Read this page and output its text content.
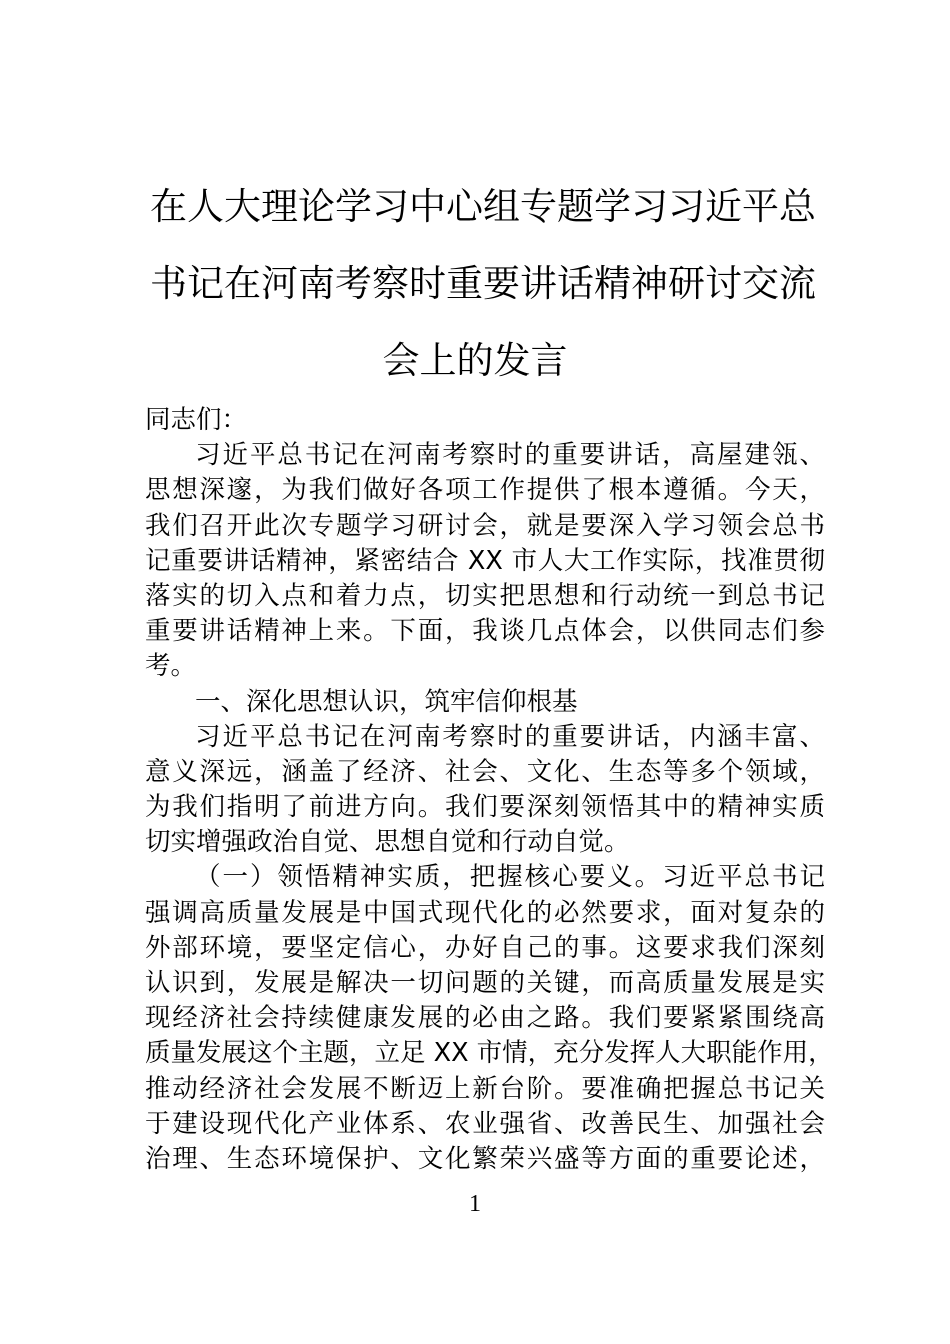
在人大理论学习中心组专题学习习近平总
书记在河南考察时重要讲话精神研讨交流
会上的发言
同志们：
习近平总书记在河南考察时的重要讲话，高屋建瓴、
思想深邃，为我们做好各项工作提供了根本遵循。今天，
我们召开此次专题学习研讨会，就是要深入学习领会总书
记重要讲话精神，紧密结合 XX 市人大工作实际，找准贯彻
落实的切入点和着力点，切实把思想和行动统一到总书记
重要讲话精神上来。下面，我谈几点体会，以供同志们参
考。
一、深化思想认识，筑牢信仰根基
习近平总书记在河南考察时的重要讲话，内涵丰富、
意义深远，涵盖了经济、社会、文化、生态等多个领域，
为我们指明了前进方向。我们要深刻领悟其中的精神实质
切实增强政治自觉、思想自觉和行动自觉。
（一）领悟精神实质，把握核心要义。习近平总书记
强调高质量发展是中国式现代化的必然要求，面对复杂的
外部环境，要坚定信心，办好自己的事。这要求我们深刻
认识到，发展是解决一切问题的关键，而高质量发展是实
现经济社会持续健康发展的必由之路。我们要紧紧围绕高
质量发展这个主题，立足 XX 市情，充分发挥人大职能作用，
推动经济社会发展不断迈上新台阶。要准确把握总书记关
于建设现代化产业体系、农业强省、改善民生、加强社会
治理、生态环境保护、文化繁荣兴盛等方面的重要论述，
1
